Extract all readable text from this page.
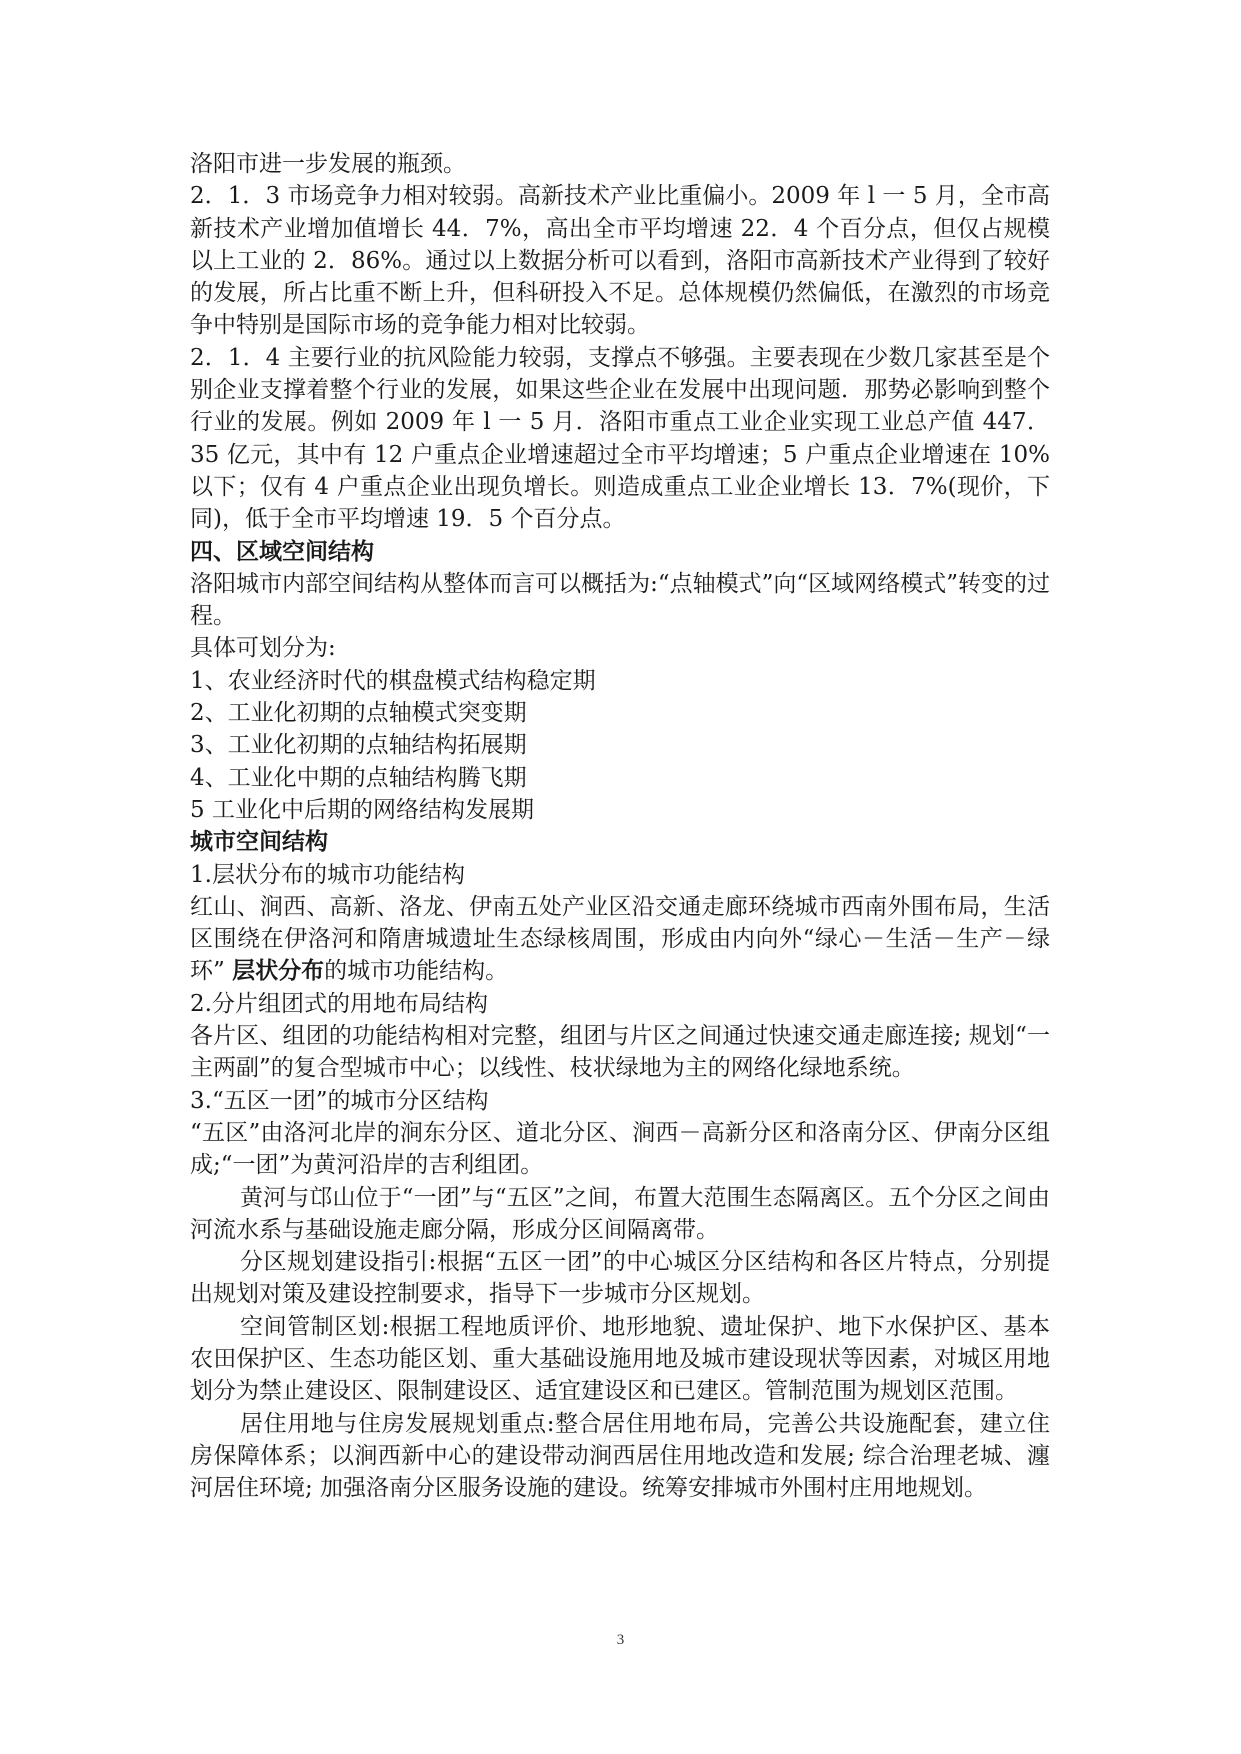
洛阳市进一步发展的瓶颈。

2．1．3 市场竞争力相对较弱。高新技术产业比重偏小。2009 年 l 一 5 月，全市高新技术产业增加值增长 44．7%，高出全市平均增速 22．4 个百分点，但仅占规模以上工业的 2．86%。通过以上数据分析可以看到，洛阳市高新技术产业得到了较好的发展，所占比重不断上升，但科研投入不足。总体规模仍然偏低，在激烈的市场竞争中特别是国际市场的竞争能力相对比较弱。

2．1．4 主要行业的抗风险能力较弱，支撑点不够强。主要表现在少数几家甚至是个别企业支撑着整个行业的发展，如果这些企业在发展中出现问题．那势必影响到整个行业的发展。例如 2009 年 l 一 5 月．洛阳市重点工业企业实现工业总产值 447．35 亿元，其中有 12 户重点企业增速超过全市平均增速；5 户重点企业增速在 10%以下；仅有 4 户重点企业出现负增长。则造成重点工业企业增长 13．7%(现价，下同)，低于全市平均增速 19．5 个百分点。

四、区域空间结构

洛阳城市内部空间结构从整体而言可以概括为:“点轴模式”向“区域网络模式”转变的过程。

具体可划分为:

1、农业经济时代的棋盘模式结构稳定期

2、工业化初期的点轴模式突变期

3、工业化初期的点轴结构拓展期

4、工业化中期的点轴结构腾飞期

5 工业化中后期的网络结构发展期

城市空间结构

1.层状分布的城市功能结构

红山、涧西、高新、洛龙、伊南五处产业区沿交通走廊环绕城市西南外围布局，生活区围绕在伊洛河和隋唐城遗址生态绿核周围，形成由内向外“绿心－生活－生产－绿环” 层状分布的城市功能结构。

2.分片组团式的用地布局结构

各片区、组团的功能结构相对完整，组团与片区之间通过快速交通走廊连接; 规划“一主两副”的复合型城市中心；以线性、枝状绿地为主的网络化绿地系统。

3.“五区一团”的城市分区结构

“五区”由洛河北岸的涧东分区、道北分区、涧西－高新分区和洛南分区、伊南分区组成;“一团”为黄河沿岸的吉利组团。

黄河与邙山位于“一团”与“五区”之间，布置大范围生态隔离区。五个分区之间由河流水系与基础设施走廊分隔，形成分区间隔离带。

分区规划建设指引:根据“五区一团”的中心城区分区结构和各区片特点，分别提出规划对策及建设控制要求，指导下一步城市分区规划。

空间管制区划:根据工程地质评价、地形地貌、遗址保护、地下水保护区、基本农田保护区、生态功能区划、重大基础设施用地及城市建设现状等因素，对城区用地划分为禁止建设区、限制建设区、适宜建设区和已建区。管制范围为规划区范围。

居住用地与住房发展规划重点:整合居住用地布局，完善公共设施配套，建立住房保障体系；以涧西新中心的建设带动涧西居住用地改造和发展; 综合治理老城、瀍河居住环境; 加强洛南分区服务设施的建设。统筹安排城市外围村庄用地规划。

3
